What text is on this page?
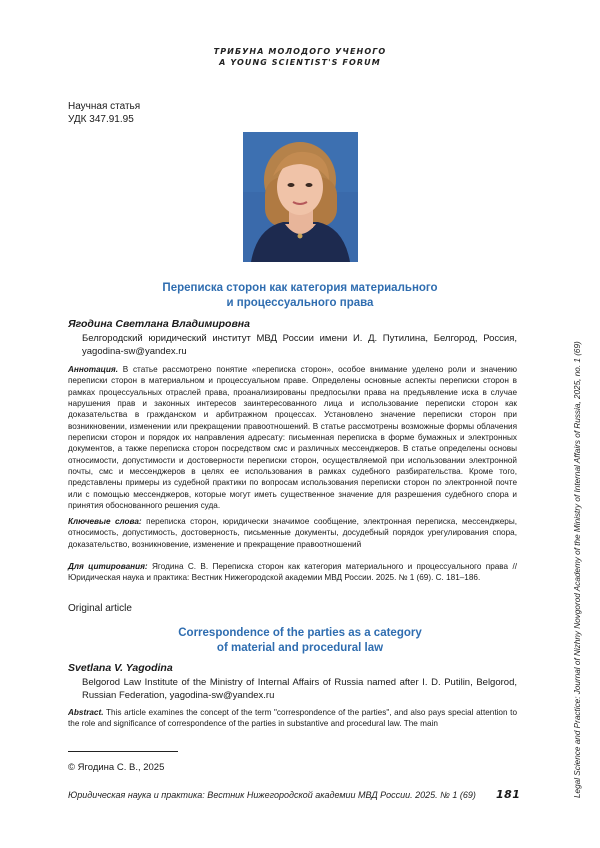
ТРИБУНА МОЛОДОГО УЧЕНОГО
A YOUNG SCIENTIST'S FORUM
Научная статья
УДК 347.91.95
Переписка сторон как категория материального
и процессуального права
Ягодина Светлана Владимировна
Белгородский юридический институт МВД России имени И. Д. Путилина, Белгород, Россия, yagodina-sw@yandex.ru
Аннотация. В статье рассмотрено понятие «переписка сторон», особое внимание уделено роли и значению переписки сторон в материальном и процессуальном праве. Определены основные аспекты переписки сторон в рамках процессуальных отраслей права, проанализированы предпосылки права на предъявление иска в случае нарушения прав и законных интересов заинтересованного лица и использование переписки сторон как доказательства в гражданском и арбитражном процессах. Установлено значение переписки сторон при возникновении, изменении или прекращении правоотношений. В статье рассмотрены возможные формы облачения переписки сторон и порядок их направления адресату: письменная переписка в форме бумажных и электронных документов, а также переписка сторон посредством смс и различных мессенджеров. В статье определены основы относимости, допустимости и достоверности переписки сторон, осуществляемой при использовании электронной почты, смс и мессенджеров в целях ее использования в рамках судебного разбирательства. Кроме того, представлены примеры из судебной практики по вопросам использования переписки сторон по электронной почте или с помощью мессенджеров, которые могут иметь существенное значение для разрешения судебного спора и принятия обоснованного решения суда.
Ключевые слова: переписка сторон, юридически значимое сообщение, электронная переписка, мессенджеры, относимость, допустимость, достоверность, письменные документы, досудебный порядок урегулирования спора, доказательство, возникновение, изменение и прекращение правоотношений
Для цитирования: Ягодина С. В. Переписка сторон как категория материального и процессуального права // Юридическая наука и практика: Вестник Нижегородской академии МВД России. 2025. № 1 (69). С. 181–186.
Original article
Correspondence of the parties as a category
of material and procedural law
Svetlana V. Yagodina
Belgorod Law Institute of the Ministry of Internal Affairs of Russia named after I. D. Putilin, Belgorod, Russian Federation, yagodina-sw@yandex.ru
Abstract. This article examines the concept of the term "correspondence of the parties", and also pays special attention to the role and significance of correspondence of the parties in substantive and procedural law. The main
© Ягодина С. В., 2025
Юридическая наука и практика: Вестник Нижегородской академии МВД России. 2025. № 1 (69) 181	Legal Science and Practice: Journal of Nizhny Novgorod Academy of the Ministry of Internal Affairs of Russia, 2025, no. 1 (69)
